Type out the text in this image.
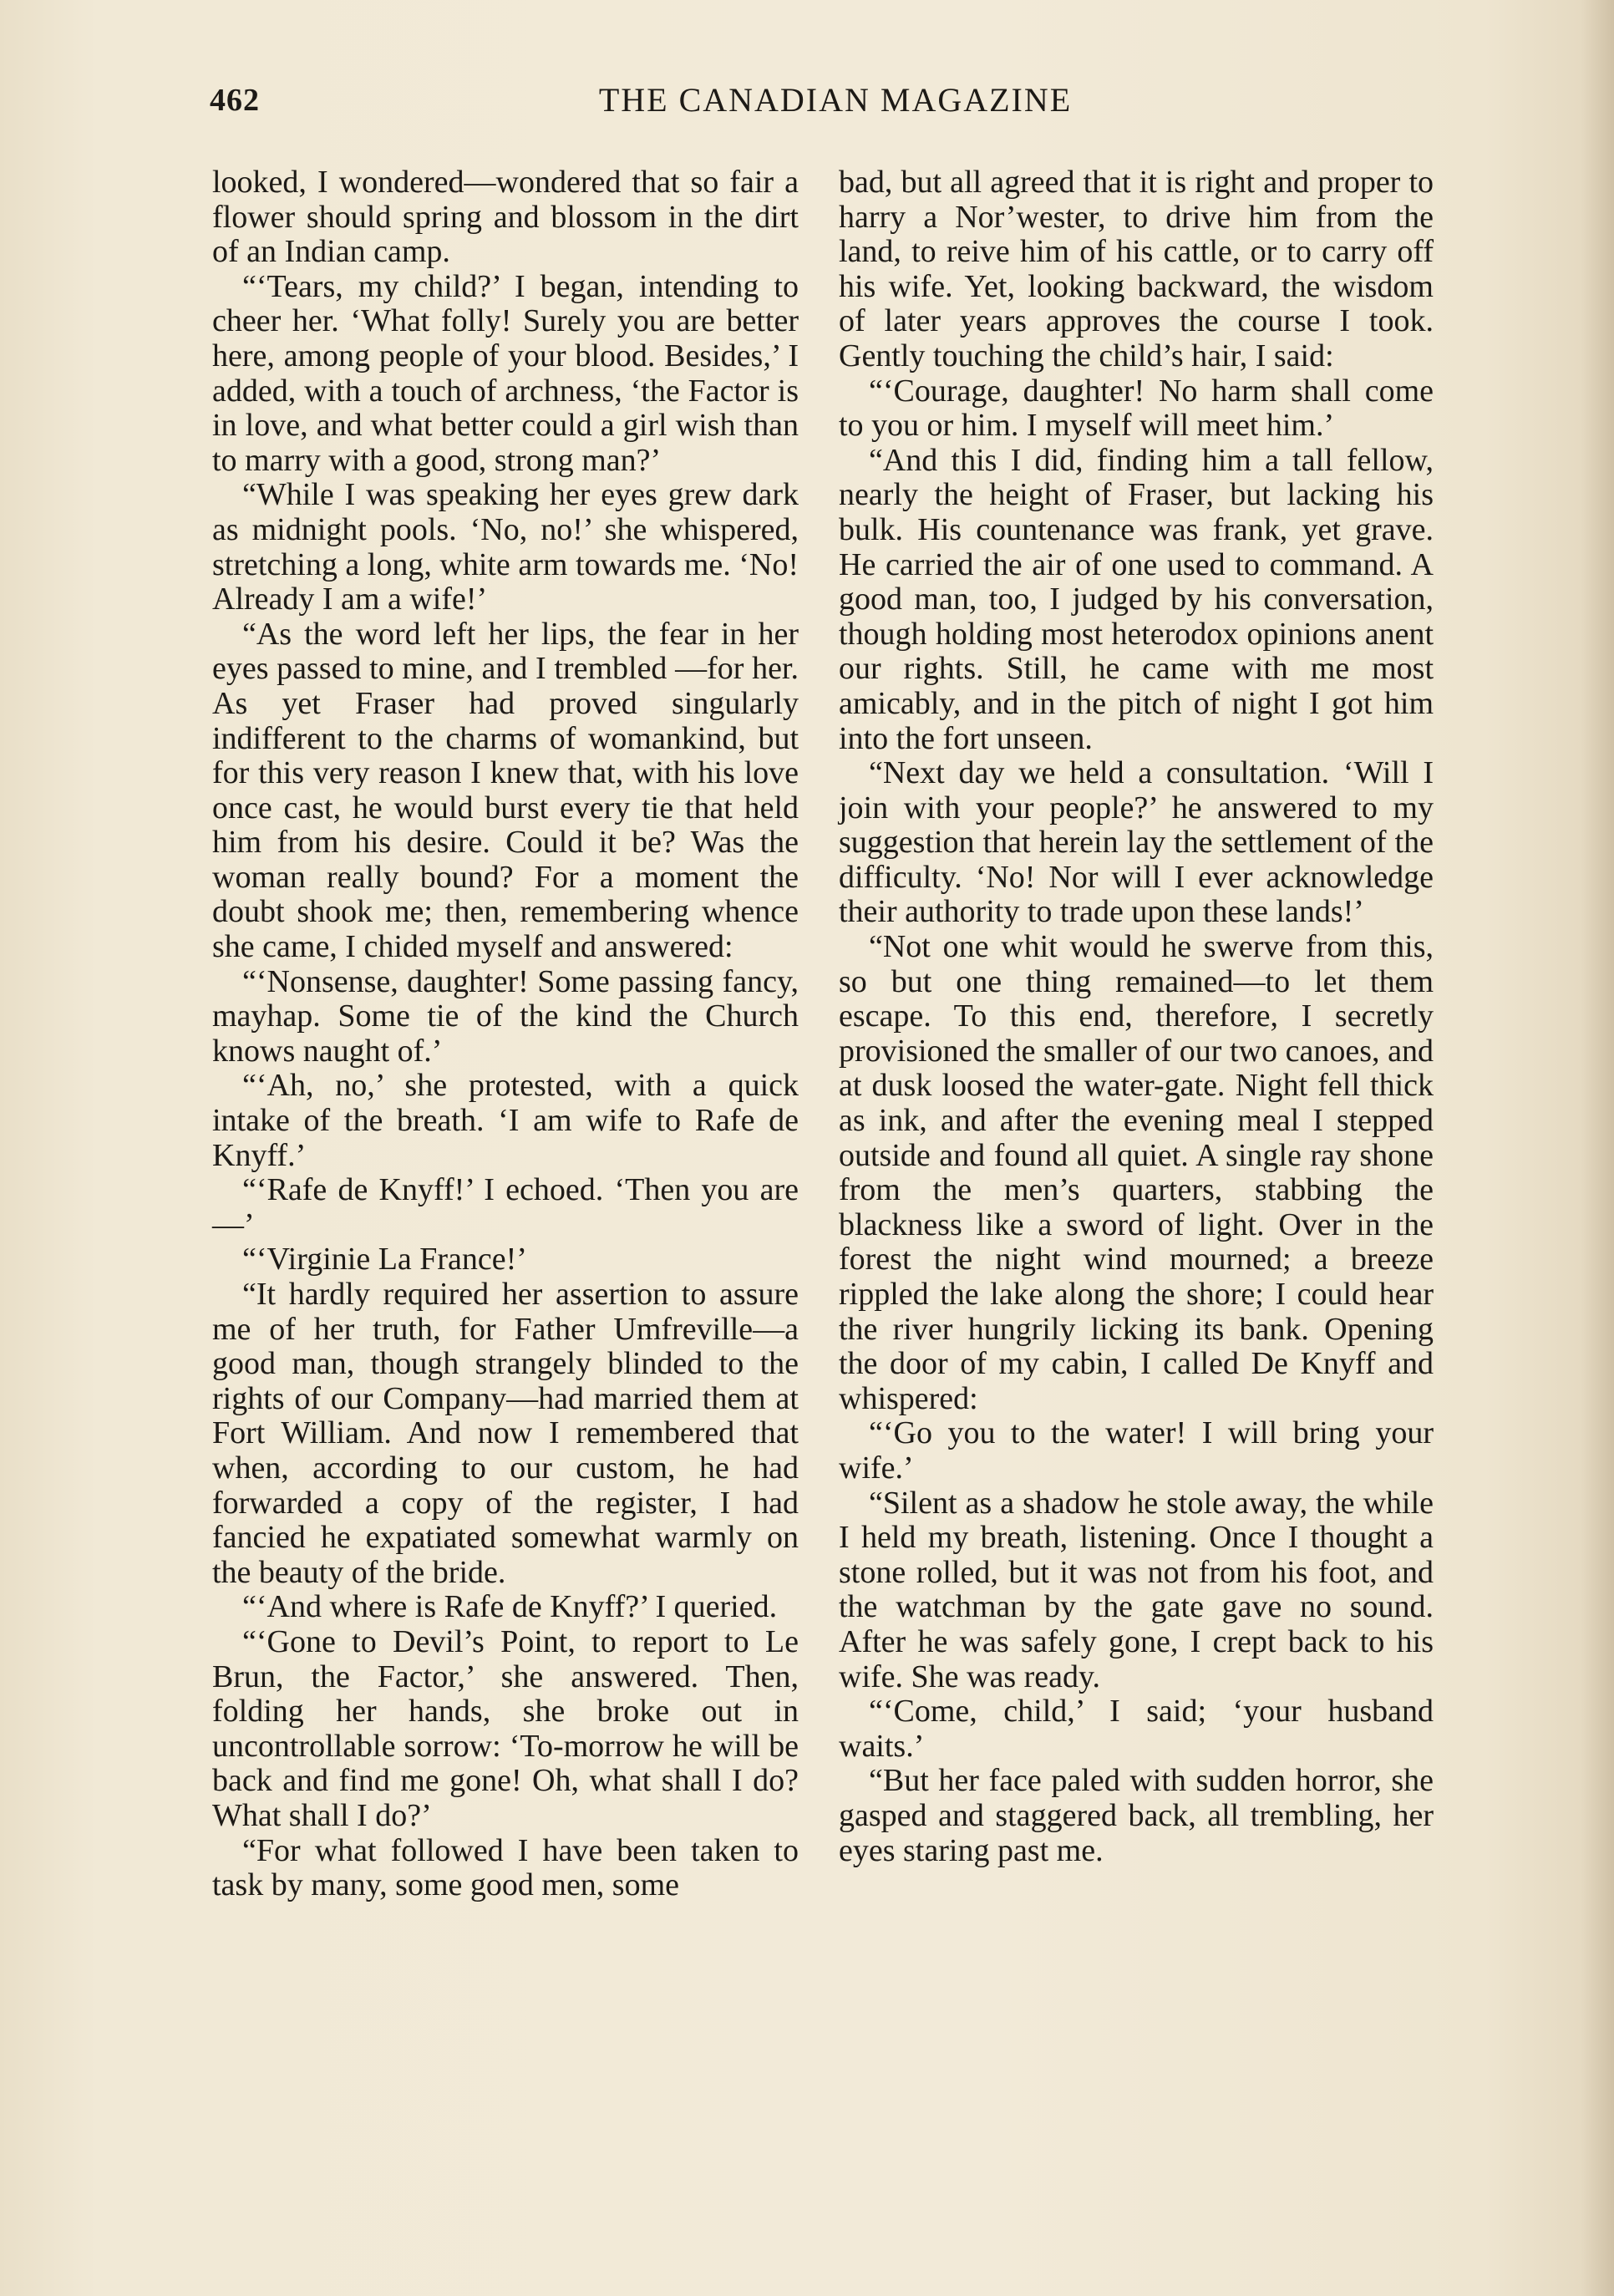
462	THE CANADIAN MAGAZINE

looked, I wondered—wondered that so fair a flower should spring and blossom in the dirt of an Indian camp.

“‘Tears, my child?’ I began, intending to cheer her. ‘What folly! Surely you are better here, among people of your blood. Besides,’ I added, with a touch of archness, ‘the Factor is in love, and what better could a girl wish than to marry with a good, strong man?’

“While I was speaking her eyes grew dark as midnight pools. ‘No, no!’ she whispered, stretching a long, white arm towards me. ‘No! Already I am a wife!’

“As the word left her lips, the fear in her eyes passed to mine, and I trembled —for her. As yet Fraser had proved singularly indifferent to the charms of womankind, but for this very reason I knew that, with his love once cast, he would burst every tie that held him from his desire. Could it be? Was the woman really bound? For a moment the doubt shook me; then, remembering whence she came, I chided myself and answered:

“‘Nonsense, daughter! Some passing fancy, mayhap. Some tie of the kind the Church knows naught of.’

“‘Ah, no,’ she protested, with a quick intake of the breath. ‘I am wife to Rafe de Knyff.’

“‘Rafe de Knyff!’ I echoed. ‘Then you are—’

“‘Virginie La France!’

“It hardly required her assertion to assure me of her truth, for Father Umfreville—a good man, though strangely blinded to the rights of our Company—had married them at Fort William. And now I remembered that when, according to our custom, he had forwarded a copy of the register, I had fancied he expatiated somewhat warmly on the beauty of the bride.

“‘And where is Rafe de Knyff?’ I queried.

“‘Gone to Devil’s Point, to report to Le Brun, the Factor,’ she answered. Then, folding her hands, she broke out in uncontrollable sorrow: ‘To-morrow he will be back and find me gone! Oh, what shall I do? What shall I do?’

“For what followed I have been taken to task by many, some good men, some

bad, but all agreed that it is right and proper to harry a Nor’wester, to drive him from the land, to reive him of his cattle, or to carry off his wife. Yet, looking backward, the wisdom of later years approves the course I took. Gently touching the child’s hair, I said:

“‘Courage, daughter! No harm shall come to you or him. I myself will meet him.’

“And this I did, finding him a tall fellow, nearly the height of Fraser, but lacking his bulk. His countenance was frank, yet grave. He carried the air of one used to command. A good man, too, I judged by his conversation, though holding most heterodox opinions anent our rights. Still, he came with me most amicably, and in the pitch of night I got him into the fort unseen.

“Next day we held a consultation. ‘Will I join with your people?’ he answered to my suggestion that herein lay the settlement of the difficulty. ‘No! Nor will I ever acknowledge their authority to trade upon these lands!’

“Not one whit would he swerve from this, so but one thing remained—to let them escape. To this end, therefore, I secretly provisioned the smaller of our two canoes, and at dusk loosed the water-gate. Night fell thick as ink, and after the evening meal I stepped outside and found all quiet. A single ray shone from the men’s quarters, stabbing the blackness like a sword of light. Over in the forest the night wind mourned; a breeze rippled the lake along the shore; I could hear the river hungrily licking its bank. Opening the door of my cabin, I called De Knyff and whispered:

“‘Go you to the water! I will bring your wife.’

“Silent as a shadow he stole away, the while I held my breath, listening. Once I thought a stone rolled, but it was not from his foot, and the watchman by the gate gave no sound. After he was safely gone, I crept back to his wife. She was ready.

“‘Come, child,’ I said; ‘your husband waits.’

“But her face paled with sudden horror, she gasped and staggered back, all trembling, her eyes staring past me.
